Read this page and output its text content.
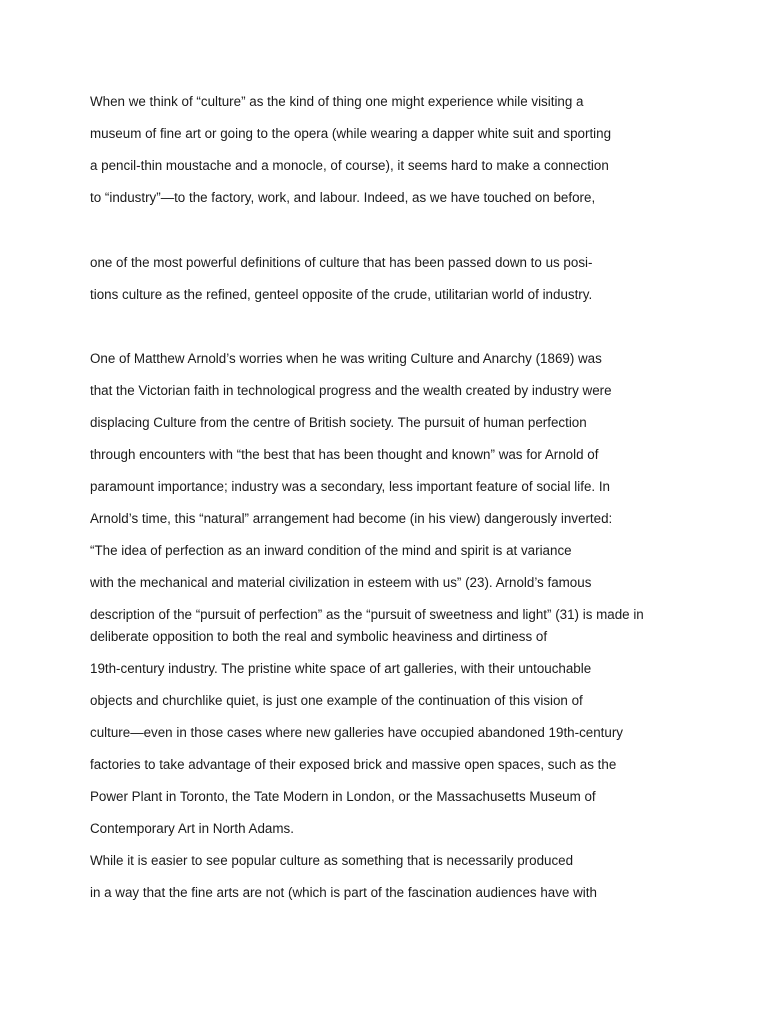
When we think of “culture” as the kind of thing one might experience while visiting a
museum of fine art or going to the opera (while wearing a dapper white suit and sporting
a pencil-thin moustache and a monocle, of course), it seems hard to make a connection
to “industry”—to the factory, work, and labour. Indeed, as we have touched on before,
one of the most powerful definitions of culture that has been passed down to us posi-
tions culture as the refined, genteel opposite of the crude, utilitarian world of industry.
One of Matthew Arnold’s worries when he was writing Culture and Anarchy (1869) was
that the Victorian faith in technological progress and the wealth created by industry were
displacing Culture from the centre of British society. The pursuit of human perfection
through encounters with “the best that has been thought and known” was for Arnold of
paramount importance; industry was a secondary, less important feature of social life. In
Arnold’s time, this “natural” arrangement had become (in his view) dangerously inverted:
“The idea of perfection as an inward condition of the mind and spirit is at variance
with the mechanical and material civilization in esteem with us” (23). Arnold’s famous
description of the “pursuit of perfection” as the “pursuit of sweetness and light” (31) is made in
deliberate opposition to both the real and symbolic heaviness and dirtiness of
19th-century industry. The pristine white space of art galleries, with their untouchable
objects and churchlike quiet, is just one example of the continuation of this vision of
culture—even in those cases where new galleries have occupied abandoned 19th-century
factories to take advantage of their exposed brick and massive open spaces, such as the
Power Plant in Toronto, the Tate Modern in London, or the Massachusetts Museum of
Contemporary Art in North Adams.
While it is easier to see popular culture as something that is necessarily produced
in a way that the fine arts are not (which is part of the fascination audiences have with
